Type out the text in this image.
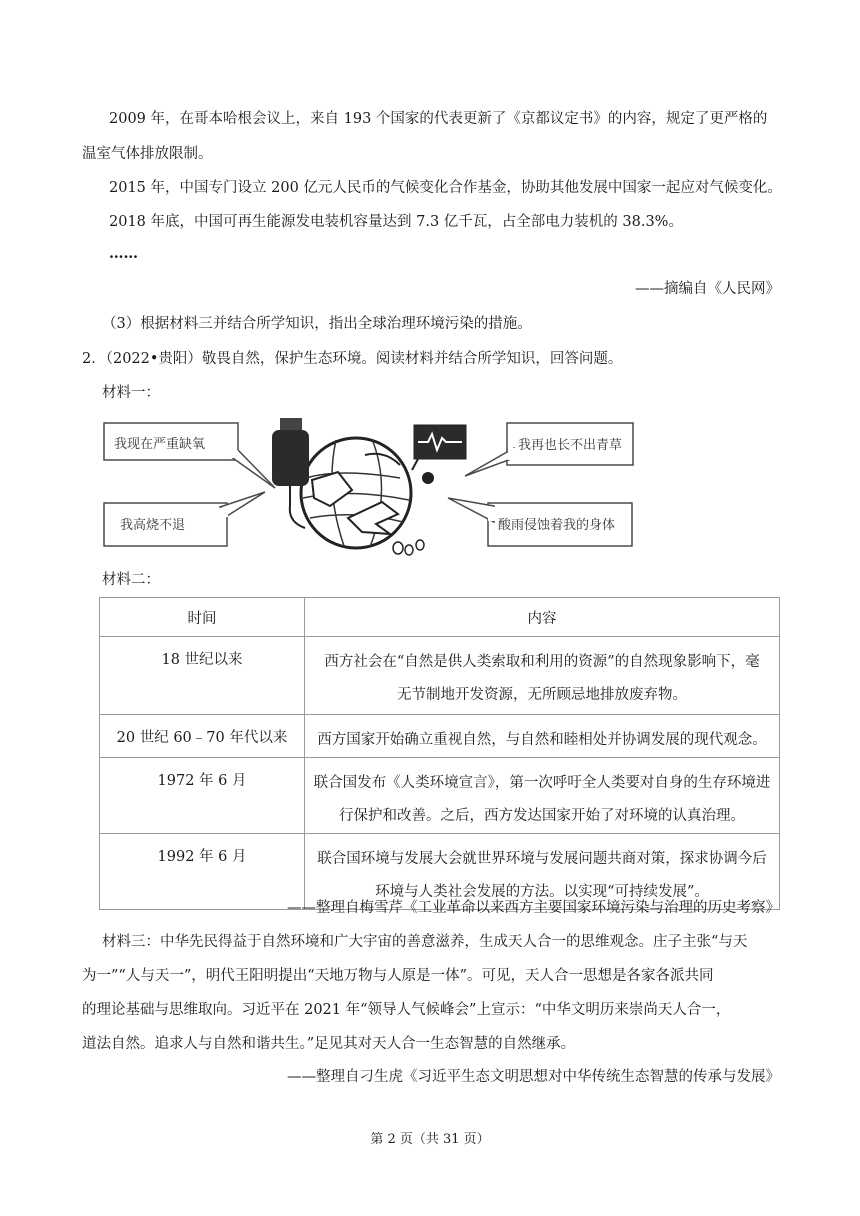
2009 年，在哥本哈根会议上，来自 193 个国家的代表更新了《京都议定书》的内容，规定了更严格的
温室气体排放限制。
2015 年，中国专门设立 200 亿元人民币的气候变化合作基金，协助其他发展中国家一起应对气候变化。
2018 年底，中国可再生能源发电装机容量达到 7.3 亿千瓦，占全部电力装机的 38.3%。
……
——摘编自《人民网》
（3）根据材料三并结合所学知识，指出全球治理环境污染的措施。
2．（2022•贵阳）敬畏自然，保护生态环境。阅读材料并结合所学知识，回答问题。
材料一：
我现在严重缺氧
我高烧不退
我再也长不出青草
酸雨侵蚀着我的身体
材料二：
时间	内容
18 世纪以来	西方社会在“自然是供人类索取和利用的资源”的自然现象影响下，毫
无节制地开发资源，无所顾忌地排放废弃物。

20 世纪 60﹣70 年代以来	西方国家开始确立重视自然，与自然和睦相处并协调发展的现代观念。

1972 年 6 月	联合国发布《人类环境宣言》，第一次呼吁全人类要对自身的生存环境进
行保护和改善。之后，西方发达国家开始了对环境的认真治理。

1992 年 6 月	联合国环境与发展大会就世界环境与发展问题共商对策，探求协调今后
环境与人类社会发展的方法。以实现“可持续发展”。
——整理自梅雪芹《工业革命以来西方主要国家环境污染与治理的历史考察》
材料三：中华先民得益于自然环境和广大宇宙的善意滋养，生成天人合一的思维观念。庄子主张“与天
为一”“人与天一”，明代王阳明提出“天地万物与人原是一体”。可见，天人合一思想是各家各派共同
的理论基础与思维取向。习近平在 2021 年“领导人气候峰会”上宣示：“中华文明历来崇尚天人合一，
道法自然。追求人与自然和谐共生。”足见其对天人合一生态智慧的自然继承。
——整理自刁生虎《习近平生态文明思想对中华传统生态智慧的传承与发展》
第 2 页（共 31 页）
